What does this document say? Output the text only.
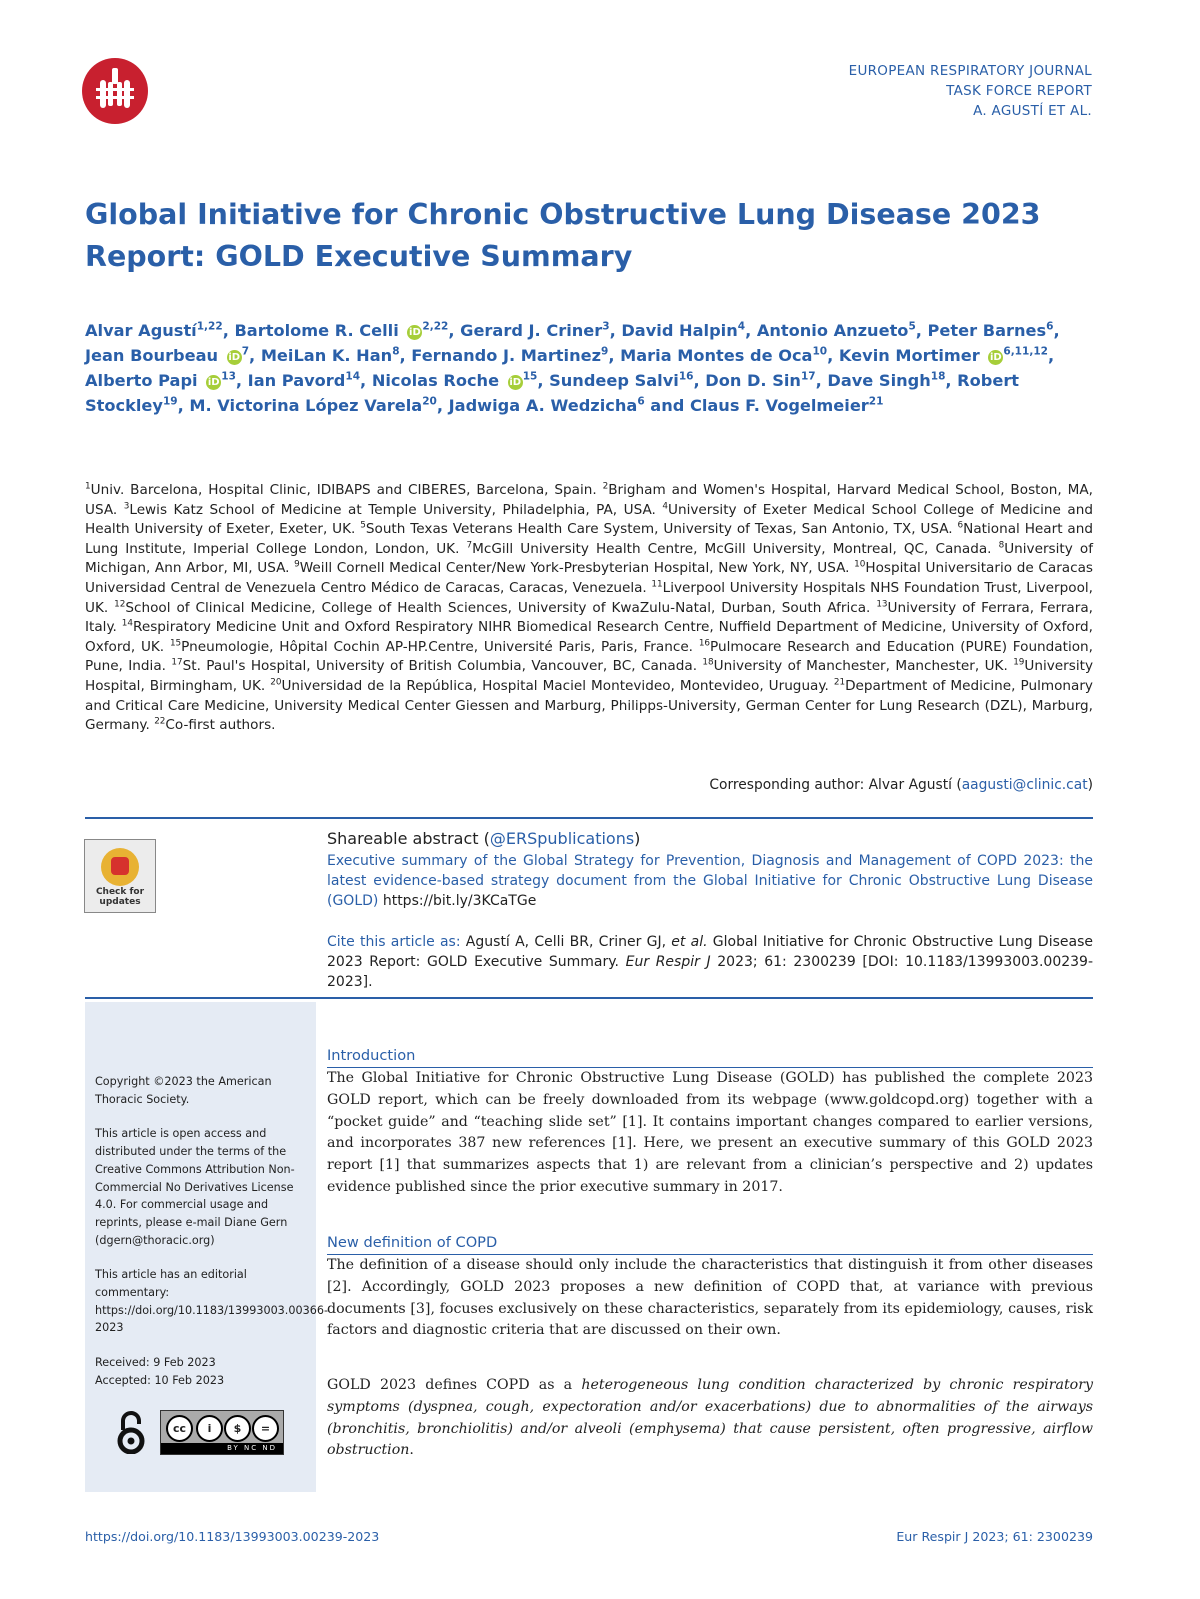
EUROPEAN RESPIRATORY JOURNAL
TASK FORCE REPORT
A. AGUSTÍ ET AL.
Global Initiative for Chronic Obstructive Lung Disease 2023
Report: GOLD Executive Summary
Alvar Agustí$^{1,22}$, Bartolome R. Celli iD $^{2,22}$, Gerard J. Criner$^3$, David Halpin$^4$, Antonio Anzueto$^5$, Peter Barnes$^6$, Jean Bourbeau iD $^7$, MeiLan K. Han$^8$, Fernando J. Martinez$^9$, Maria Montes de Oca$^{10}$, Kevin Mortimer iD $^{6,11,12}$, Alberto Papi iD $^{13}$, Ian Pavord$^{14}$, Nicolas Roche iD $^{15}$, Sundeep Salvi$^{16}$, Don D. Sin$^{17}$, Dave Singh$^{18}$, Robert Stockley$^{19}$, M. Victorina López Varela$^{20}$, Jadwiga A. Wedzicha$^6$ and Claus F. Vogelmeier$^{21}$
$^1$Univ. Barcelona, Hospital Clinic, IDIBAPS and CIBERES, Barcelona, Spain. $^2$Brigham and Women's Hospital, Harvard Medical School, Boston, MA, USA. $^3$Lewis Katz School of Medicine at Temple University, Philadelphia, PA, USA. $^4$University of Exeter Medical School College of Medicine and Health University of Exeter, Exeter, UK. $^5$South Texas Veterans Health Care System, University of Texas, San Antonio, TX, USA. $^6$National Heart and Lung Institute, Imperial College London, London, UK. $^7$McGill University Health Centre, McGill University, Montreal, QC, Canada. $^8$University of Michigan, Ann Arbor, MI, USA. $^9$Weill Cornell Medical Center/New York-Presbyterian Hospital, New York, NY, USA. $^{10}$Hospital Universitario de Caracas Universidad Central de Venezuela Centro Médico de Caracas, Caracas, Venezuela. $^{11}$Liverpool University Hospitals NHS Foundation Trust, Liverpool, UK. $^{12}$School of Clinical Medicine, College of Health Sciences, University of KwaZulu-Natal, Durban, South Africa. $^{13}$University of Ferrara, Ferrara, Italy. $^{14}$Respiratory Medicine Unit and Oxford Respiratory NIHR Biomedical Research Centre, Nuffield Department of Medicine, University of Oxford, Oxford, UK. $^{15}$Pneumologie, Hôpital Cochin AP-HP.Centre, Université Paris, Paris, France. $^{16}$Pulmocare Research and Education (PURE) Foundation, Pune, India. $^{17}$St. Paul's Hospital, University of British Columbia, Vancouver, BC, Canada. $^{18}$University of Manchester, Manchester, UK. $^{19}$University Hospital, Birmingham, UK. $^{20}$Universidad de la República, Hospital Maciel Montevideo, Montevideo, Uruguay. $^{21}$Department of Medicine, Pulmonary and Critical Care Medicine, University Medical Center Giessen and Marburg, Philipps-University, German Center for Lung Research (DZL), Marburg, Germany. $^{22}$Co-first authors.
Corresponding author: Alvar Agustí (aagusti@clinic.cat)
Check for updates
Shareable abstract (@ERSpublications)
Executive summary of the Global Strategy for Prevention, Diagnosis and Management of COPD 2023: the latest evidence-based strategy document from the Global Initiative for Chronic Obstructive Lung Disease (GOLD) https://bit.ly/3KCaTGe
Cite this article as: Agustí A, Celli BR, Criner GJ, et al. Global Initiative for Chronic Obstructive Lung Disease 2023 Report: GOLD Executive Summary. Eur Respir J 2023; 61: 2300239 [DOI: 10.1183/13993003.00239-2023].

Copyright ©2023 the American Thoracic Society.

This article is open access and distributed under the terms of the Creative Commons Attribution Non-Commercial No Derivatives License 4.0. For commercial usage and reprints, please e-mail Diane Gern (dgern@thoracic.org)

This article has an editorial commentary: https://doi.org/10.1183/13993003.00366-2023

Received: 9 Feb 2023
Accepted: 10 Feb 2023
cc	i	$	=
BY NC ND
Introduction

The Global Initiative for Chronic Obstructive Lung Disease (GOLD) has published the complete 2023 GOLD report, which can be freely downloaded from its webpage (www.goldcopd.org) together with a “pocket guide” and “teaching slide set” [1]. It contains important changes compared to earlier versions, and incorporates 387 new references [1]. Here, we present an executive summary of this GOLD 2023 report [1] that summarizes aspects that 1) are relevant from a clinician’s perspective and 2) updates evidence published since the prior executive summary in 2017.

New definition of COPD

The definition of a disease should only include the characteristics that distinguish it from other diseases [2]. Accordingly, GOLD 2023 proposes a new definition of COPD that, at variance with previous documents [3], focuses exclusively on these characteristics, separately from its epidemiology, causes, risk factors and diagnostic criteria that are discussed on their own.

GOLD 2023 defines COPD as a heterogeneous lung condition characterized by chronic respiratory symptoms (dyspnea, cough, expectoration and/or exacerbations) due to abnormalities of the airways (bronchitis, bronchiolitis) and/or alveoli (emphysema) that cause persistent, often progressive, airflow obstruction.

https://doi.org/10.1183/13993003.00239-2023	Eur Respir J 2023; 61: 2300239
